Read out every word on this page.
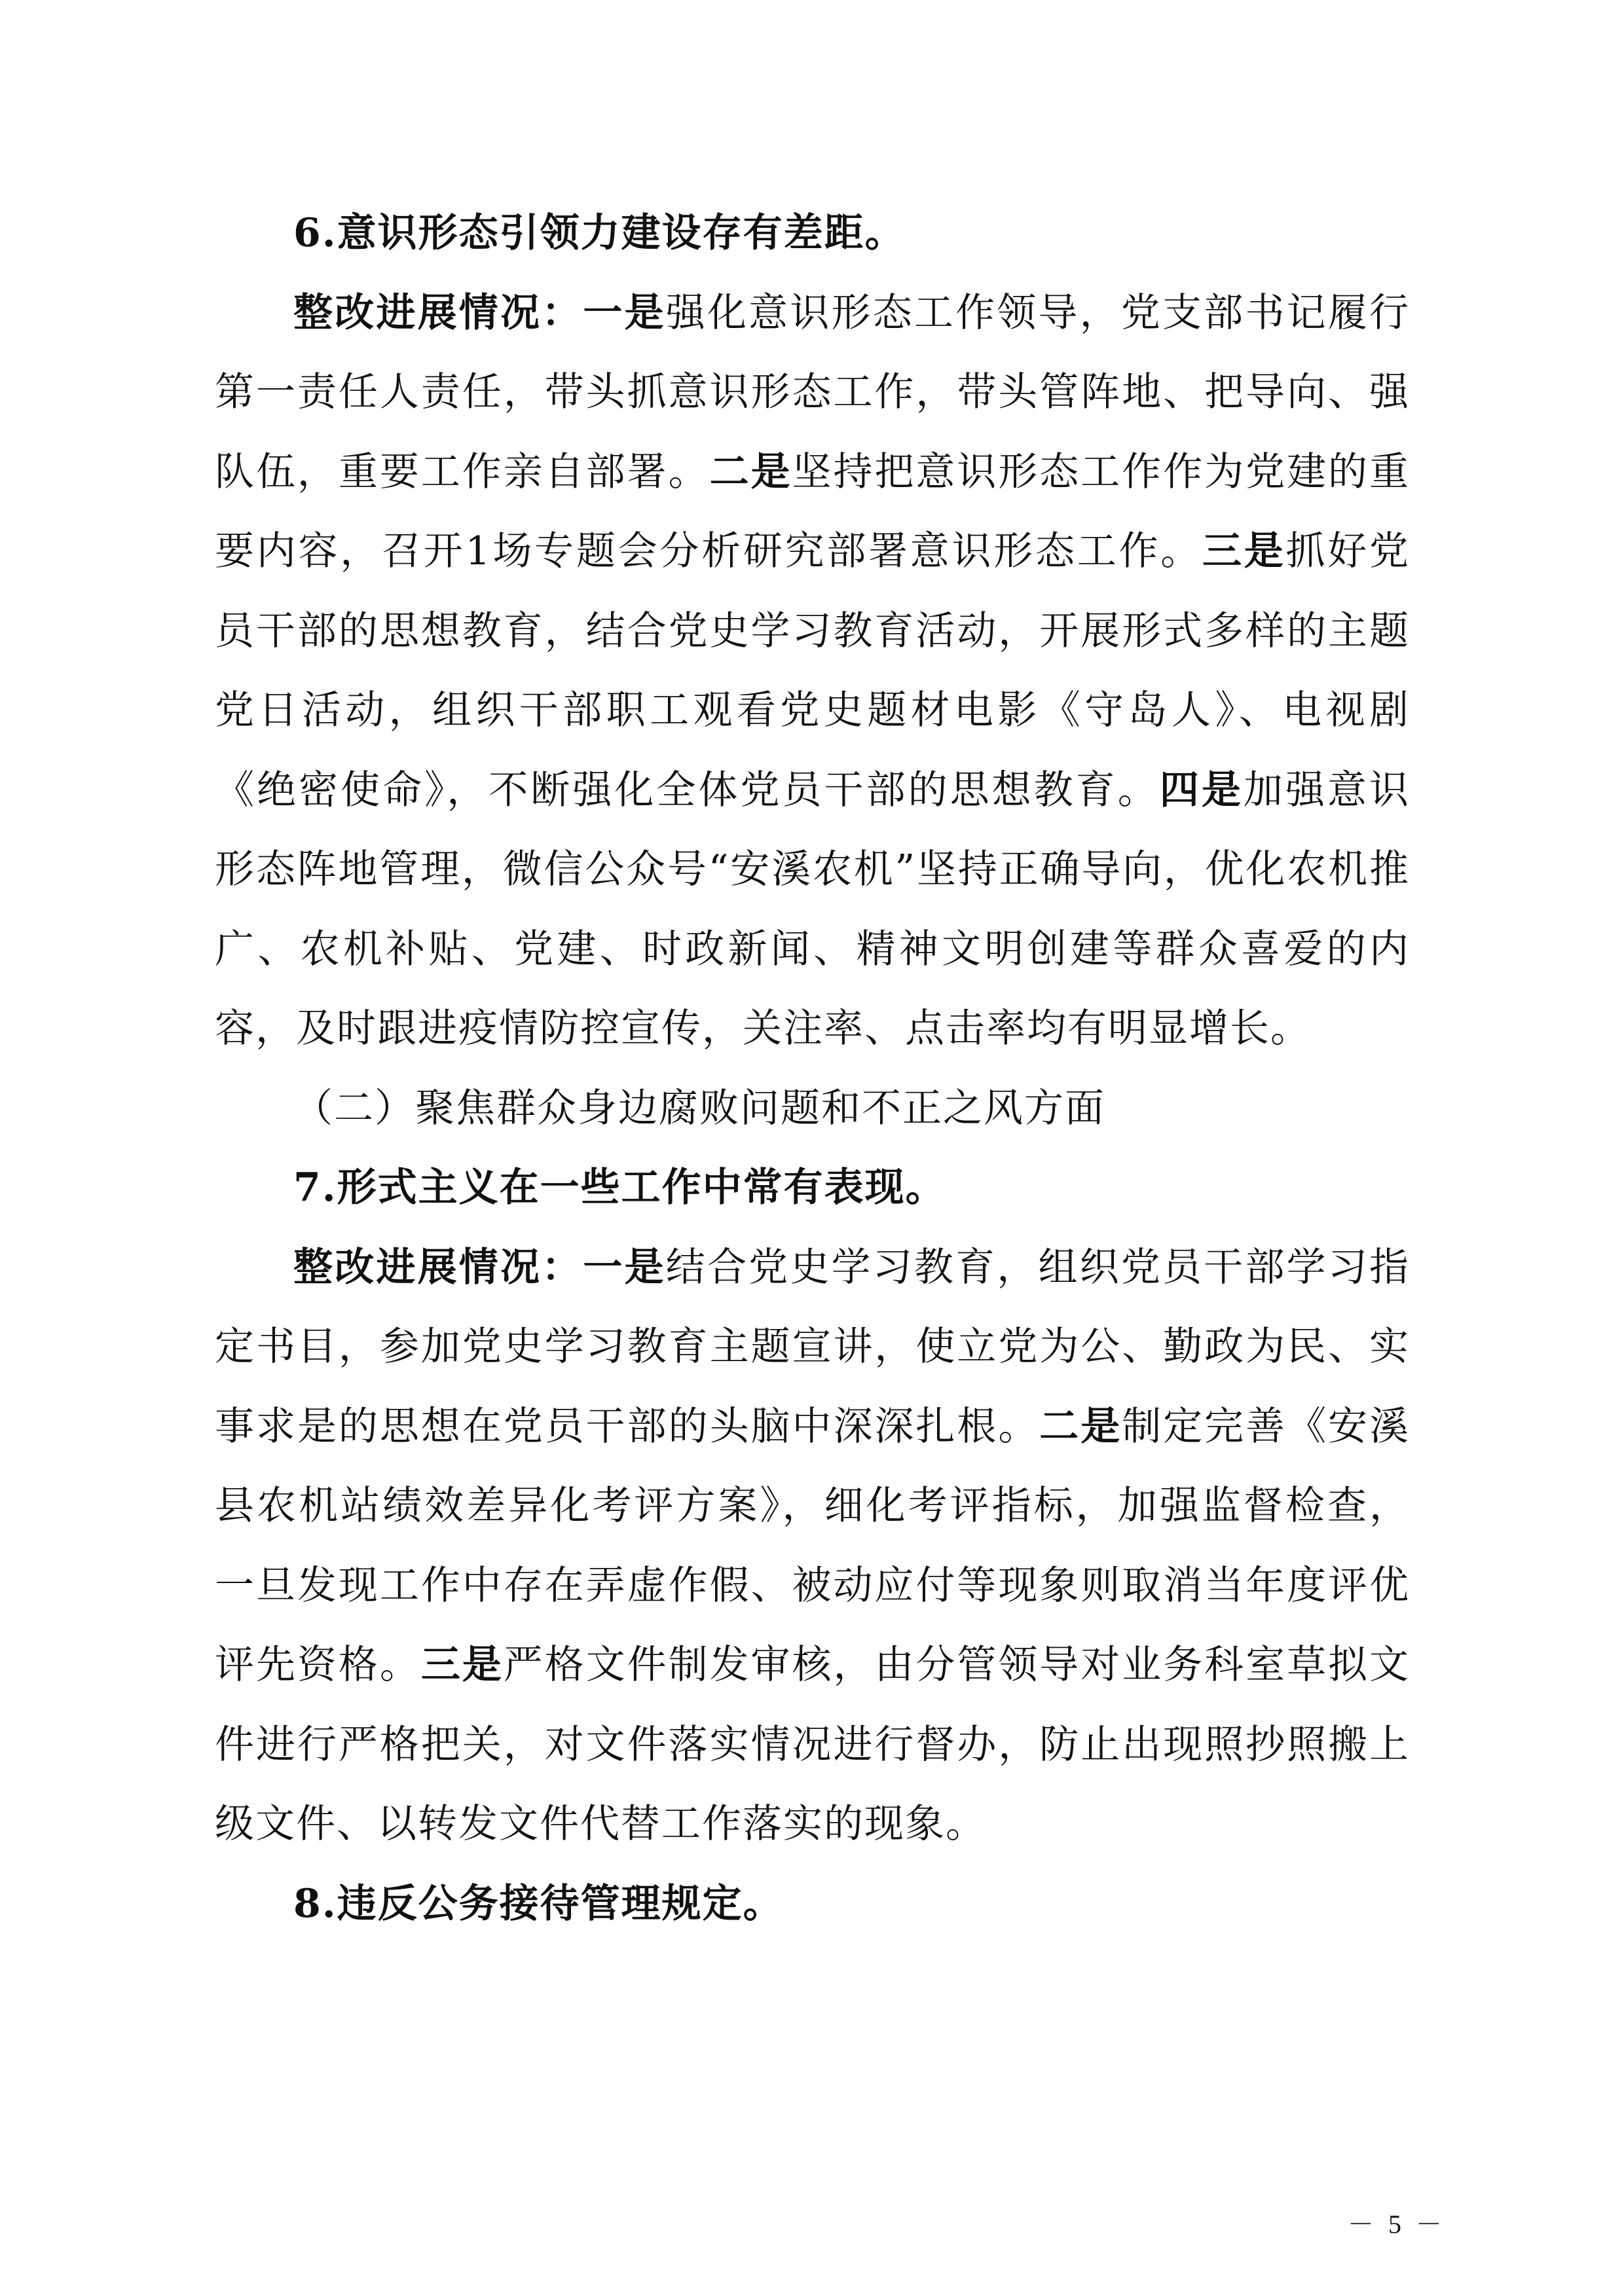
6.意识形态引领力建设存有差距。

整改进展情况：一是强化意识形态工作领导，党支部书记履行第一责任人责任，带头抓意识形态工作，带头管阵地、把导向、强队伍，重要工作亲自部署。二是坚持把意识形态工作作为党建的重要内容，召开1场专题会分析研究部署意识形态工作。三是抓好党员干部的思想教育，结合党史学习教育活动，开展形式多样的主题党日活动，组织干部职工观看党史题材电影《守岛人》、电视剧《绝密使命》，不断强化全体党员干部的思想教育。四是加强意识形态阵地管理，微信公众号“安溪农机”坚持正确导向，优化农机推广、农机补贴、党建、时政新闻、精神文明创建等群众喜爱的内容，及时跟进疫情防控宣传，关注率、点击率均有明显增长。

（二）聚焦群众身边腐败问题和不正之风方面

7.形式主义在一些工作中常有表现。

整改进展情况：一是结合党史学习教育，组织党员干部学习指定书目，参加党史学习教育主题宣讲，使立党为公、勤政为民、实事求是的思想在党员干部的头脑中深深扎根。二是制定完善《安溪县农机站绩效差异化考评方案》，细化考评指标，加强监督检查，一旦发现工作中存在弄虚作假、被动应付等现象则取消当年度评优评先资格。三是严格文件制发审核，由分管领导对业务科室草拟文件进行严格把关，对文件落实情况进行督办，防止出现照抄照搬上级文件、以转发文件代替工作落实的现象。

8.违反公务接待管理规定。

－ 5 －
